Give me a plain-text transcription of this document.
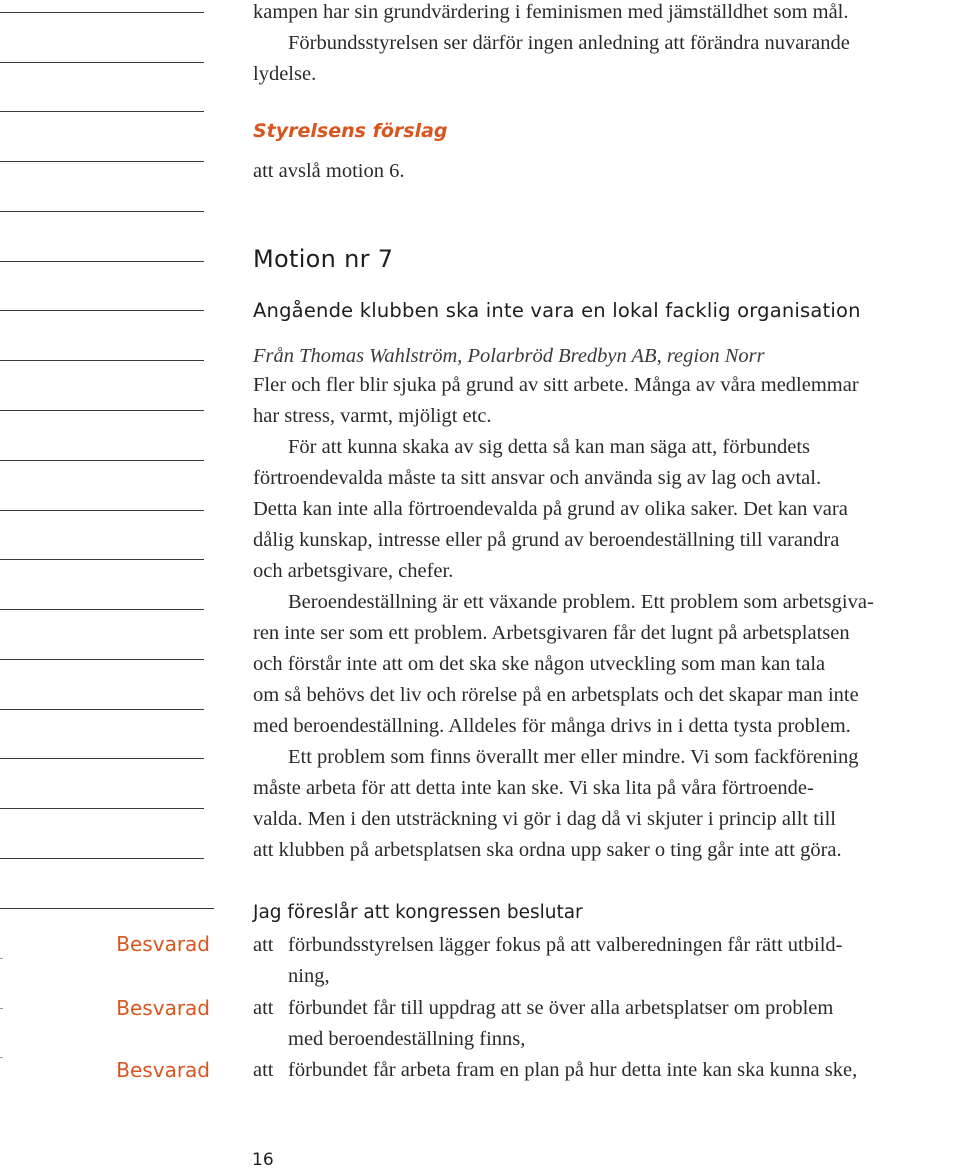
kampen har sin grundvärdering i feminismen med jämställdhet som mål.
Förbundsstyrelsen ser därför ingen anledning att förändra nuvarande
lydelse.
Styrelsens förslag
att avslå motion 6.
Motion nr 7
Angående klubben ska inte vara en lokal facklig organisation
Från Thomas Wahlström, Polarbröd Bredbyn AB, region Norr
Fler och fler blir sjuka på grund av sitt arbete. Många av våra medlemmar
har stress, varmt, mjöligt etc.
För att kunna skaka av sig detta så kan man säga att, förbundets
förtroendevalda måste ta sitt ansvar och använda sig av lag och avtal.
Detta kan inte alla förtroendevalda på grund av olika saker. Det kan vara
dålig kunskap, intresse eller på grund av beroendeställning till varandra
och arbetsgivare, chefer.
Beroendeställning är ett växande problem. Ett problem som arbetsgiva-
ren inte ser som ett problem. Arbetsgivaren får det lugnt på arbetsplatsen
och förstår inte att om det ska ske någon utveckling som man kan tala
om så behövs det liv och rörelse på en arbetsplats och det skapar man inte
med beroendeställning. Alldeles för många drivs in i detta tysta problem.
Ett problem som finns överallt mer eller mindre. Vi som fackförening
måste arbeta för att detta inte kan ske. Vi ska lita på våra förtroende-
valda. Men i den utsträckning vi gör i dag då vi skjuter i princip allt till
att klubben på arbetsplatsen ska ordna upp saker o ting går inte att göra.
Jag föreslår att kongressen beslutar
Besvarad att förbundsstyrelsen lägger fokus på att valberedningen får rätt utbild-
ning,
Besvarad att förbundet får till uppdrag att se över alla arbetsplatser om problem
med beroendeställning finns,
Besvarad att förbundet får arbeta fram en plan på hur detta inte kan ska kunna ske,
16
